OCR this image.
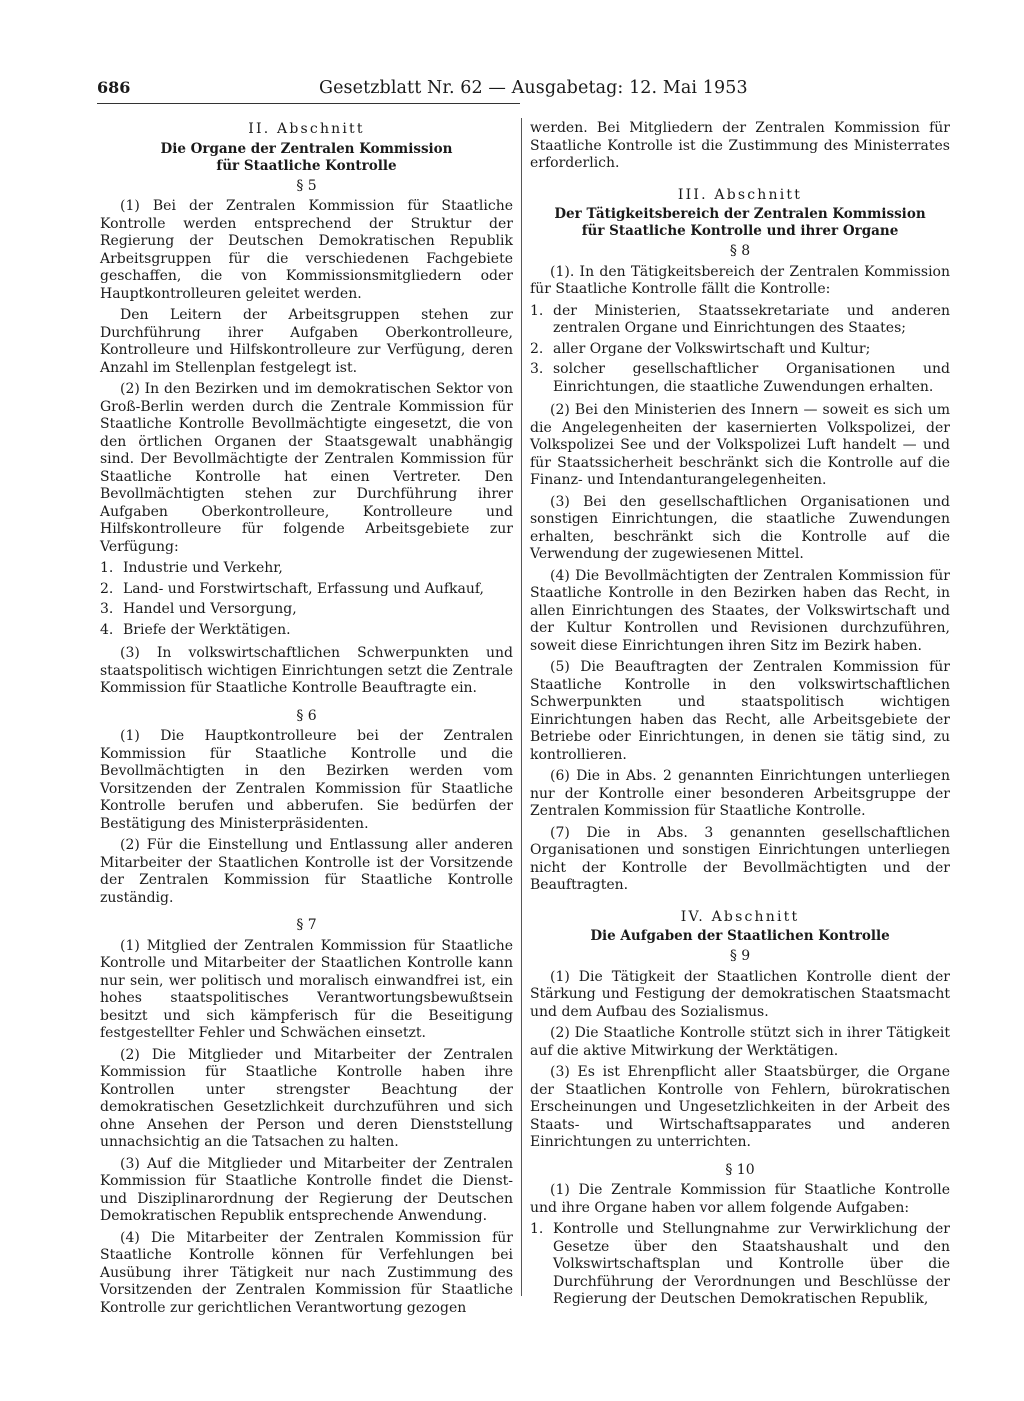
686	Gesetzblatt Nr. 62 — Ausgabetag: 12. Mai 1953
II. Abschnitt
Die Organe der Zentralen Kommission
für Staatliche Kontrolle
§ 5

(1) Bei der Zentralen Kommission für Staatliche Kontrolle werden entsprechend der Struktur der Regierung der Deutschen Demokratischen Republik Arbeitsgruppen für die verschiedenen Fachgebiete geschaffen, die von Kommissionsmitgliedern oder Hauptkontrolleuren geleitet werden.

Den Leitern der Arbeitsgruppen stehen zur Durchführung ihrer Aufgaben Oberkontrolleure, Kontrolleure und Hilfskontrolleure zur Verfügung, deren Anzahl im Stellenplan festgelegt ist.

(2) In den Bezirken und im demokratischen Sektor von Groß-Berlin werden durch die Zentrale Kommission für Staatliche Kontrolle Bevollmächtigte eingesetzt, die von den örtlichen Organen der Staatsgewalt unabhängig sind. Der Bevollmächtigte der Zentralen Kommission für Staatliche Kontrolle hat einen Vertreter. Den Bevollmächtigten stehen zur Durchführung ihrer Aufgaben Oberkontrolleure, Kontrolleure und Hilfskontrolleure für folgende Arbeitsgebiete zur Verfügung:

1. Industrie und Verkehr,
2. Land- und Forstwirtschaft, Erfassung und Aufkauf,
3. Handel und Versorgung,
4. Briefe der Werktätigen.

(3) In volkswirtschaftlichen Schwerpunkten und staatspolitisch wichtigen Einrichtungen setzt die Zentrale Kommission für Staatliche Kontrolle Beauftragte ein.

§ 6

(1) Die Hauptkontrolleure bei der Zentralen Kommission für Staatliche Kontrolle und die Bevollmächtigten in den Bezirken werden vom Vorsitzenden der Zentralen Kommission für Staatliche Kontrolle berufen und abberufen. Sie bedürfen der Bestätigung des Ministerpräsidenten.

(2) Für die Einstellung und Entlassung aller anderen Mitarbeiter der Staatlichen Kontrolle ist der Vorsitzende der Zentralen Kommission für Staatliche Kontrolle zuständig.

§ 7

(1) Mitglied der Zentralen Kommission für Staatliche Kontrolle und Mitarbeiter der Staatlichen Kontrolle kann nur sein, wer politisch und moralisch einwandfrei ist, ein hohes staatspolitisches Verantwortungsbewußtsein besitzt und sich kämpferisch für die Beseitigung festgestellter Fehler und Schwächen einsetzt.

(2) Die Mitglieder und Mitarbeiter der Zentralen Kommission für Staatliche Kontrolle haben ihre Kontrollen unter strengster Beachtung der demokratischen Gesetzlichkeit durchzuführen und sich ohne Ansehen der Person und deren Dienststellung unnachsichtig an die Tatsachen zu halten.

(3) Auf die Mitglieder und Mitarbeiter der Zentralen Kommission für Staatliche Kontrolle findet die Dienst- und Disziplinarordnung der Regierung der Deutschen Demokratischen Republik entsprechende Anwendung.

(4) Die Mitarbeiter der Zentralen Kommission für Staatliche Kontrolle können für Verfehlungen bei Ausübung ihrer Tätigkeit nur nach Zustimmung des Vorsitzenden der Zentralen Kommission für Staatliche Kontrolle zur gerichtlichen Verantwortung gezogen

werden. Bei Mitgliedern der Zentralen Kommission für Staatliche Kontrolle ist die Zustimmung des Ministerrates erforderlich.

III. Abschnitt
Der Tätigkeitsbereich der Zentralen Kommission
für Staatliche Kontrolle und ihrer Organe
§ 8

(1). In den Tätigkeitsbereich der Zentralen Kommission für Staatliche Kontrolle fällt die Kontrolle:

1. der Ministerien, Staatssekretariate und anderen zentralen Organe und Einrichtungen des Staates;
2. aller Organe der Volkswirtschaft und Kultur;
3. solcher gesellschaftlicher Organisationen und Einrichtungen, die staatliche Zuwendungen erhalten.

(2) Bei den Ministerien des Innern — soweit es sich um die Angelegenheiten der kasernierten Volkspolizei, der Volkspolizei See und der Volkspolizei Luft handelt — und für Staatssicherheit beschränkt sich die Kontrolle auf die Finanz- und Intendanturangelegenheiten.

(3) Bei den gesellschaftlichen Organisationen und sonstigen Einrichtungen, die staatliche Zuwendungen erhalten, beschränkt sich die Kontrolle auf die Verwendung der zugewiesenen Mittel.

(4) Die Bevollmächtigten der Zentralen Kommission für Staatliche Kontrolle in den Bezirken haben das Recht, in allen Einrichtungen des Staates, der Volkswirtschaft und der Kultur Kontrollen und Revisionen durchzuführen, soweit diese Einrichtungen ihren Sitz im Bezirk haben.

(5) Die Beauftragten der Zentralen Kommission für Staatliche Kontrolle in den volkswirtschaftlichen Schwerpunkten und staatspolitisch wichtigen Einrichtungen haben das Recht, alle Arbeitsgebiete der Betriebe oder Einrichtungen, in denen sie tätig sind, zu kontrollieren.

(6) Die in Abs. 2 genannten Einrichtungen unterliegen nur der Kontrolle einer besonderen Arbeitsgruppe der Zentralen Kommission für Staatliche Kontrolle.

(7) Die in Abs. 3 genannten gesellschaftlichen Organisationen und sonstigen Einrichtungen unterliegen nicht der Kontrolle der Bevollmächtigten und der Beauftragten.

IV. Abschnitt
Die Aufgaben der Staatlichen Kontrolle
§ 9

(1) Die Tätigkeit der Staatlichen Kontrolle dient der Stärkung und Festigung der demokratischen Staatsmacht und dem Aufbau des Sozialismus.

(2) Die Staatliche Kontrolle stützt sich in ihrer Tätigkeit auf die aktive Mitwirkung der Werktätigen.

(3) Es ist Ehrenpflicht aller Staatsbürger, die Organe der Staatlichen Kontrolle von Fehlern, bürokratischen Erscheinungen und Ungesetzlichkeiten in der Arbeit des Staats- und Wirtschaftsapparates und anderen Einrichtungen zu unterrichten.

§ 10

(1) Die Zentrale Kommission für Staatliche Kontrolle und ihre Organe haben vor allem folgende Aufgaben:

1. Kontrolle und Stellungnahme zur Verwirklichung der Gesetze über den Staatshaushalt und den Volkswirtschaftsplan und Kontrolle über die Durchführung der Verordnungen und Beschlüsse der Regierung der Deutschen Demokratischen Republik,
